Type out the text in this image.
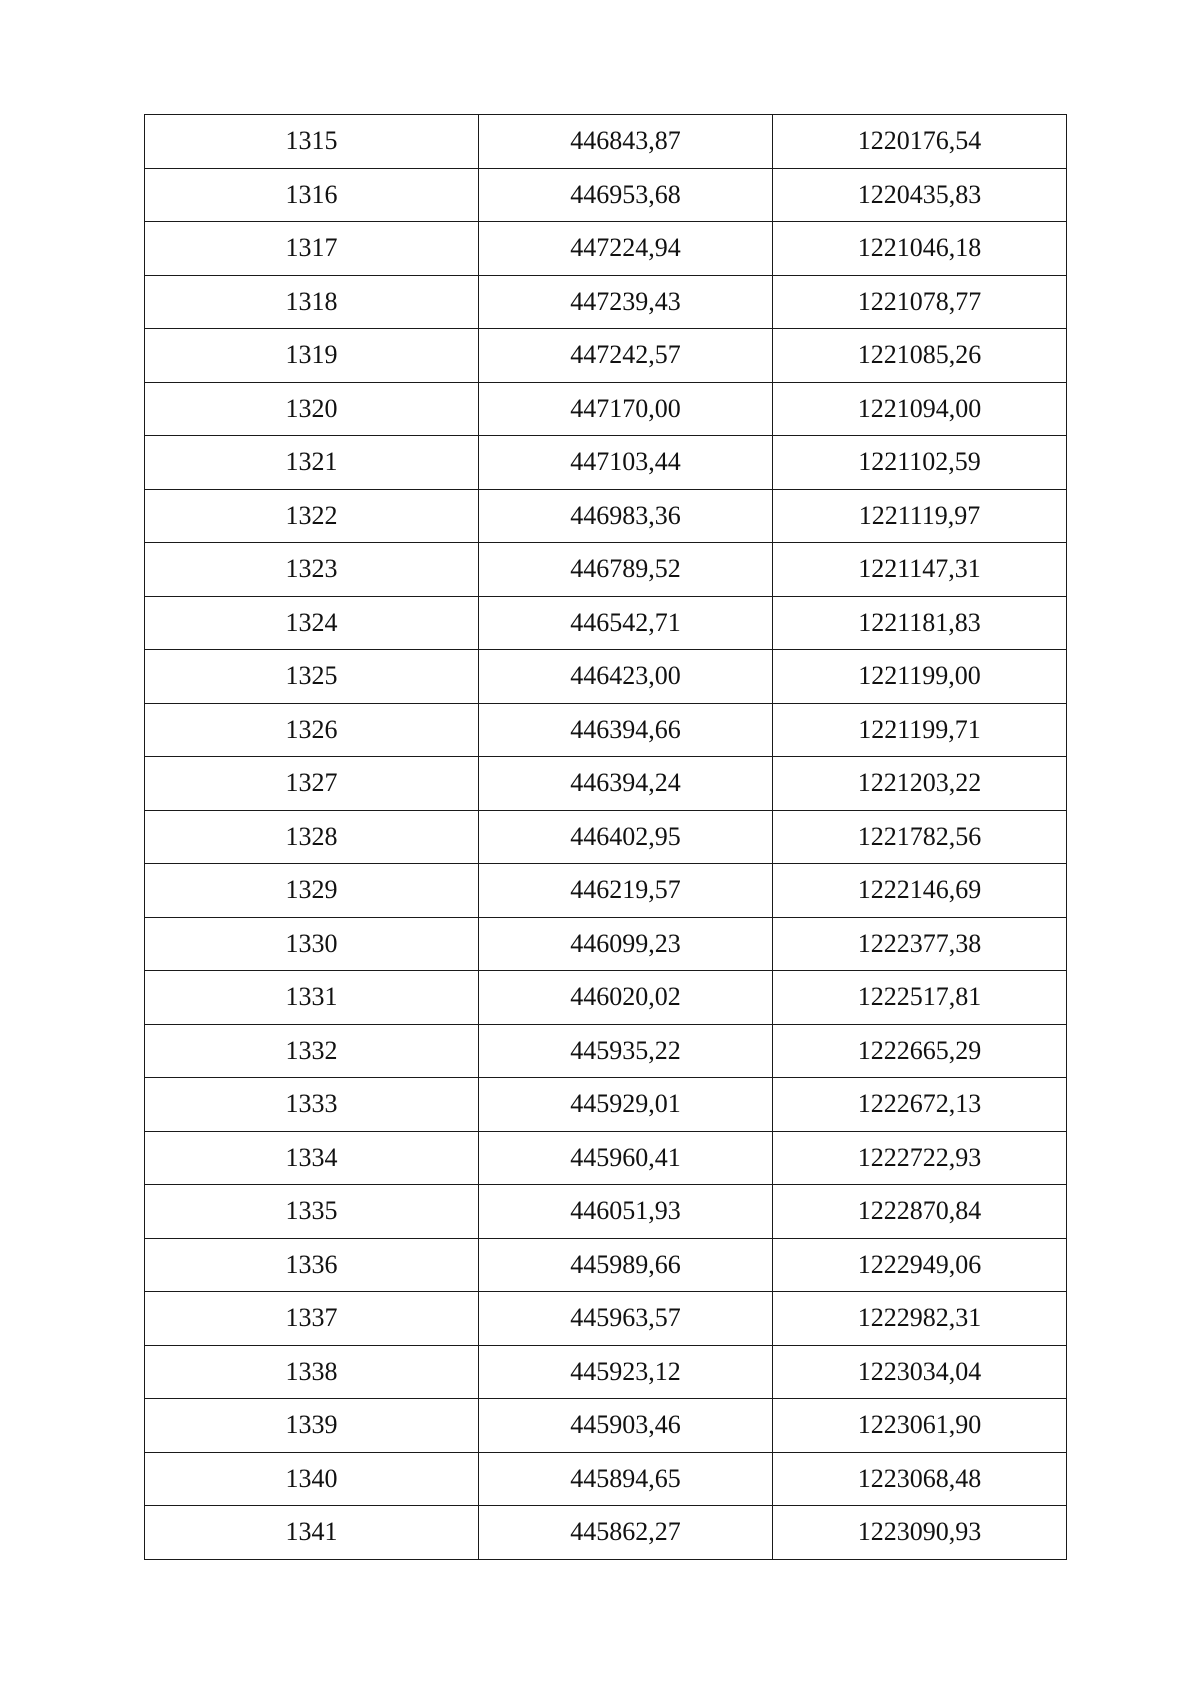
1315	446843,87	1220176,54
1316	446953,68	1220435,83
1317	447224,94	1221046,18
1318	447239,43	1221078,77
1319	447242,57	1221085,26
1320	447170,00	1221094,00
1321	447103,44	1221102,59
1322	446983,36	1221119,97
1323	446789,52	1221147,31
1324	446542,71	1221181,83
1325	446423,00	1221199,00
1326	446394,66	1221199,71
1327	446394,24	1221203,22
1328	446402,95	1221782,56
1329	446219,57	1222146,69
1330	446099,23	1222377,38
1331	446020,02	1222517,81
1332	445935,22	1222665,29
1333	445929,01	1222672,13
1334	445960,41	1222722,93
1335	446051,93	1222870,84
1336	445989,66	1222949,06
1337	445963,57	1222982,31
1338	445923,12	1223034,04
1339	445903,46	1223061,90
1340	445894,65	1223068,48
1341	445862,27	1223090,93
